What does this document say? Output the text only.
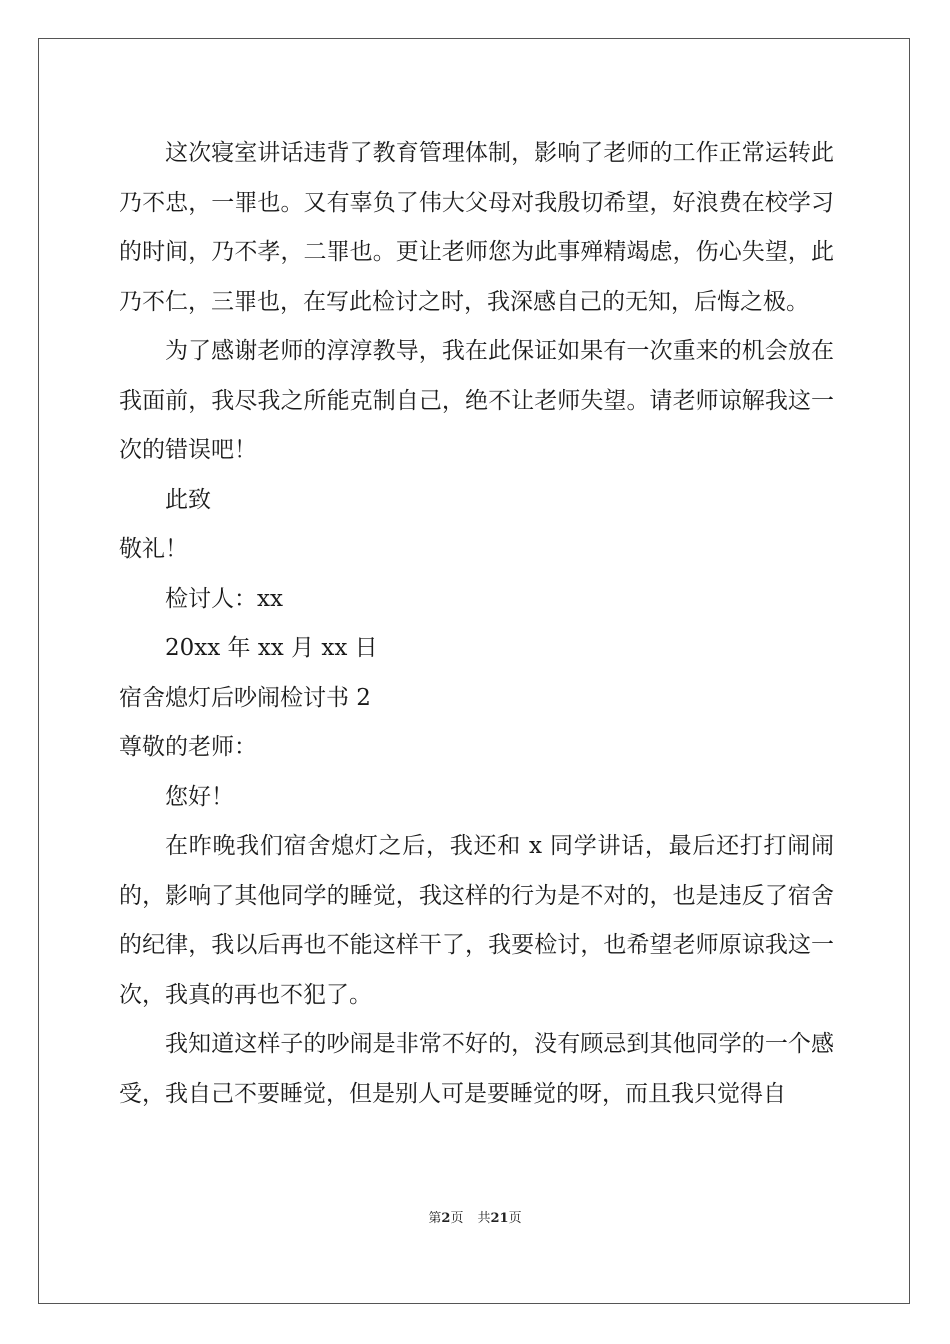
这次寝室讲话违背了教育管理体制，影响了老师的工作正常运转此乃不忠，一罪也。又有辜负了伟大父母对我殷切希望，好浪费在校学习的时间，乃不孝，二罪也。更让老师您为此事殚精竭虑，伤心失望，此乃不仁，三罪也，在写此检讨之时，我深感自己的无知，后悔之极。

为了感谢老师的淳淳教导，我在此保证如果有一次重来的机会放在我面前，我尽我之所能克制自己，绝不让老师失望。请老师谅解我这一次的错误吧！

此致

敬礼！

检讨人：xx

20xx 年 xx 月 xx 日

宿舍熄灯后吵闹检讨书 2

尊敬的老师：

您好！

在昨晚我们宿舍熄灯之后，我还和 x 同学讲话，最后还打打闹闹的，影响了其他同学的睡觉，我这样的行为是不对的，也是违反了宿舍的纪律，我以后再也不能这样干了，我要检讨，也希望老师原谅我这一次，我真的再也不犯了。

我知道这样子的吵闹是非常不好的，没有顾忌到其他同学的一个感受，我自己不要睡觉，但是别人可是要睡觉的呀，而且我只觉得自

第2页 共21页
